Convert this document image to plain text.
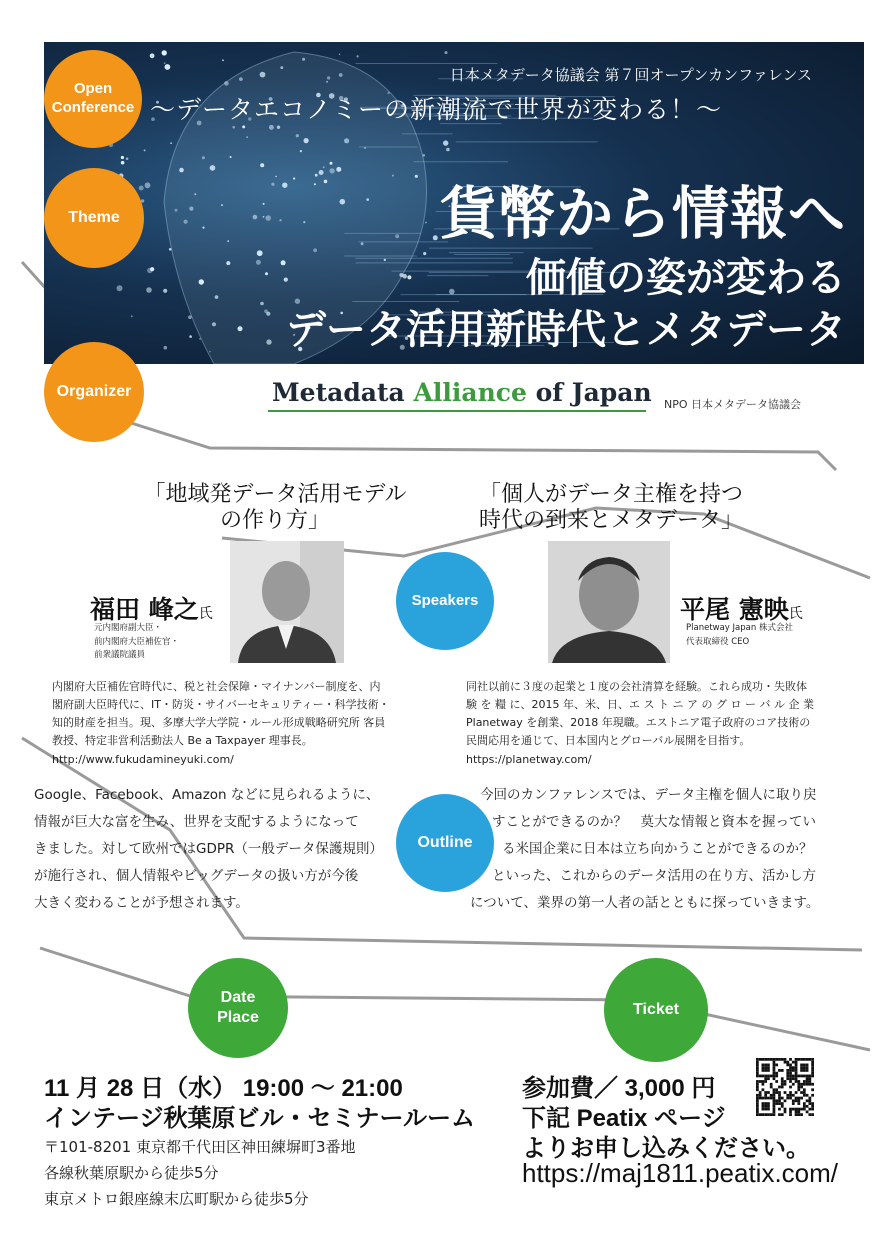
日本メタデータ協議会 第７回オープンカンファレンス
〜データエコノミーの新潮流で世界が変わる！〜
貨幣から情報へ
価値の姿が変わる
データ活用新時代とメタデータ
Open Conference
Theme
Organizer	Metadata Alliance of Japan NPO 日本メタデータ協議会
「地域発データ活用モデル
の作り方」
「個人がデータ主権を持つ
時代の到来とメタデータ」
福田 峰之氏
元内閣府副大臣・
前内閣府大臣補佐官・
前衆議院議員
Speakers	平尾 憲映氏
Planetway Japan 株式会社
代表取締役 CEO
内閣府大臣補佐官時代に、税と社会保障・マイナンバー制度を、内
閣府副大臣時代に、IT・防災・サイバーセキュリティー・科学技術・
知的財産を担当。現、多摩大学大学院・ルール形成戦略研究所 客員
教授、特定非営利活動法人 Be a Taxpayer 理事長。
http://www.fukudamineyuki.com/
同社以前に３度の起業と１度の会社清算を経験。これら成功・失敗体
験 を 糧 に、2015 年、米、日、エ ス ト ニ ア の グ ロ ー バ ル 企 業
Planetway を創業、2018 年現職。エストニア電子政府のコア技術の
民間応用を通じて、日本国内とグローバル展開を目指す。
https://planetway.com/
Google、Facebook、Amazon などに見られるように、
情報が巨大な富を生み、世界を支配するようになって
きました。対して欧州ではGDPR（一般データ保護規則）
が施行され、個人情報やビッグデータの扱い方が今後
大きく変わることが予想されます。
Outline
今回のカンファレンスでは、データ主権を個人に取り戻
すことができるのか？　莫大な情報と資本を握ってい
る米国企業に日本は立ち向かうことができるのか？
といった、これからのデータ活用の在り方、活かし方
について、業界の第一人者の話とともに探っていきます。
Date Place	Ticket
11 月 28 日（水） 19:00 〜 21:00
インテージ秋葉原ビル・セミナールーム
〒101-8201 東京都千代田区神田練塀町3番地
各線秋葉原駅から徒歩5分
東京メトロ銀座線末広町駅から徒歩5分
参加費／ 3,000 円
下記 Peatix ページ
よりお申し込みください。
https://maj1811.peatix.com/
